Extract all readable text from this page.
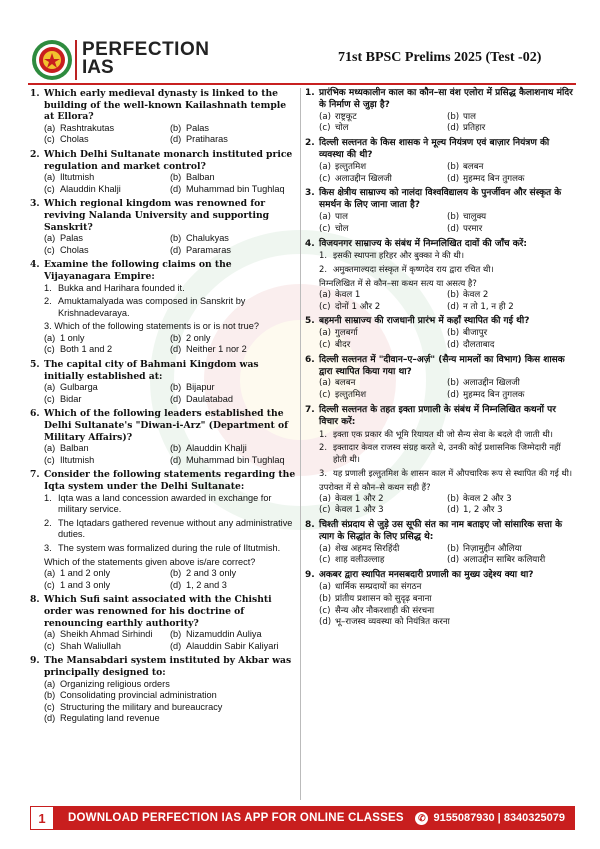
PERFECTION
IAS	71st BPSC Prelims 2025 (Test -02)
1. Which early medieval dynasty is linked to the building of the well-known Kailashnath temple at Ellora?
(a) Rashtrakutas	(b) Palas
(c) Cholas	(d) Pratiharas
2. Which Delhi Sultanate monarch instituted price regulation and market control?
(a) Iltutmish	(b) Balban
(c) Alauddin Khalji	(d) Muhammad bin Tughlaq
3. Which regional kingdom was renowned for reviving Nalanda University and supporting Sanskrit?
(a) Palas	(b) Chalukyas
(c) Cholas	(d) Paramaras
4. Examine the following claims on the Vijayanagara Empire:
1. Bukka and Harihara founded it.
2. Amuktamalyada was composed in Sanskrit by Krishnadevaraya.
3. Which of the following statements is or is not true?
(a) 1 only	(b) 2 only
(c) Both 1 and 2	(d) Neither 1 nor 2
5. The capital city of Bahmani Kingdom was initially established at:
(a) Gulbarga	(b) Bijapur
(c) Bidar	(d) Daulatabad
6. Which of the following leaders established the Delhi Sultanate's "Diwan-i-Arz" (Department of Military Affairs)?
(a) Balban	(b) Alauddin Khalji
(c) Iltutmish	(d) Muhammad bin Tughlaq
7. Consider the following statements regarding the Iqta system under the Delhi Sultanate:
1. Iqta was a land concession awarded in exchange for military service.
2. The Iqtadars gathered revenue without any administrative duties.
3. The system was formalized during the rule of Iltutmish.
Which of the statements given above is/are correct?
(a) 1 and 2 only	(b) 2 and 3 only
(c) 1 and 3 only	(d) 1, 2 and 3
8. Which Sufi saint associated with the Chishti order was renowned for his doctrine of renouncing earthly authority?
(a) Sheikh Ahmad Sirhindi (b) Nizamuddin Auliya
(c) Shah Waliullah	(d) Alauddin Sabir Kaliyari
9. The Mansabdari system instituted by Akbar was principally designed to:
(a) Organizing religious orders
(b) Consolidating provincial administration
(c) Structuring the military and bureaucracy
(d) Regulating land revenue
1. प्रारंभिक मध्यकालीन काल का कौन–सा वंश एलोरा में प्रसिद्ध कैलाशनाथ मंदिर के निर्माण से जुड़ा है?
(a) राष्ट्रकूट	(b) पाल
(c) चोल	(d) प्रतिहार
2. दिल्ली सल्तनत के किस शासक ने मूल्य नियंत्रण एवं बाज़ार नियंत्रण की व्यवस्था की थी?
(a) इल्तुतमिश	(b) बलबन
(c) अलाउद्दीन खिलजी	(d) मुहम्मद बिन तुगलक
3. किस क्षेत्रीय साम्राज्य को नालंदा विश्वविद्यालय के पुनर्जीवन और संस्कृत के समर्थन के लिए जाना जाता है?
(a) पाल	(b) चालुक्य
(c) चोल	(d) परमार
4. विजयनगर साम्राज्य के संबंध में निम्नलिखित दावों की जाँच करें:
1. इसकी स्थापना हरिहर और बुक्का ने की थी।
2. अमुक्तमाल्यदा संस्कृत में कृष्णदेव राय द्वारा रचित थी।
निम्नलिखित में से कौन–सा कथन सत्य या असत्य है?
(a) केवल 1	(b) केवल 2
(c) दोनों 1 और 2	(d) न तो 1, न ही 2
5. बहमनी साम्राज्य की राजधानी प्रारंभ में कहाँ स्थापित की गई थी?
(a) गुलबर्गा	(b) बीजापुर
(c) बीदर	(d) दौलताबाद
6. दिल्ली सल्तनत में "दीवान–ए–अर्ज़" (सैन्य मामलों का विभाग) किस शासक द्वारा स्थापित किया गया था?
(a) बलबन	(b) अलाउद्दीन खिलजी
(c) इल्तुतमिश	(d) मुहम्मद बिन तुगलक
7. दिल्ली सल्तनत के तहत इक्ता प्रणाली के संबंध में निम्नलिखित कथनों पर विचार करें:
1. इक्ता एक प्रकार की भूमि रियायत थी जो सैन्य सेवा के बदले दी जाती थी।
2. इक्तादार केवल राजस्व संग्रह करते थे, उनकी कोई प्रशासनिक जिम्मेदारी नहीं होती थी।
3. यह प्रणाली इल्तुतमिश के शासन काल में औपचारिक रूप से स्थापित की गई थी।
उपरोक्त में से कौन–से कथन सही हैं?
(a) केवल 1 और 2	(b) केवल 2 और 3
(c) केवल 1 और 3	(d) 1, 2 और 3
8. चिश्ती संप्रदाय से जुड़े उस सूफी संत का नाम बताइए जो सांसारिक सत्ता के त्याग के सिद्धांत के लिए प्रसिद्ध थे:
(a) शेख अहमद सिरहिंदी	(b) निज़ामुद्दीन औलिया
(c) शाह वलीउल्लाह	(d) अलाउद्दीन साबिर कलियारी
9. अकबर द्वारा स्थापित मनसबदारी प्रणाली का मुख्य उद्देश्य क्या था?
(a) धार्मिक सम्प्रदायों का संगठन
(b) प्रांतीय प्रशासन को सुदृढ़ बनाना
(c) सैन्य और नौकरशाही की संरचना
(d) भू–राजस्व व्यवस्था को नियंत्रित करना
1	DOWNLOAD PERFECTION IAS APP FOR ONLINE CLASSES	✆ 9155087930 | 8340325079
